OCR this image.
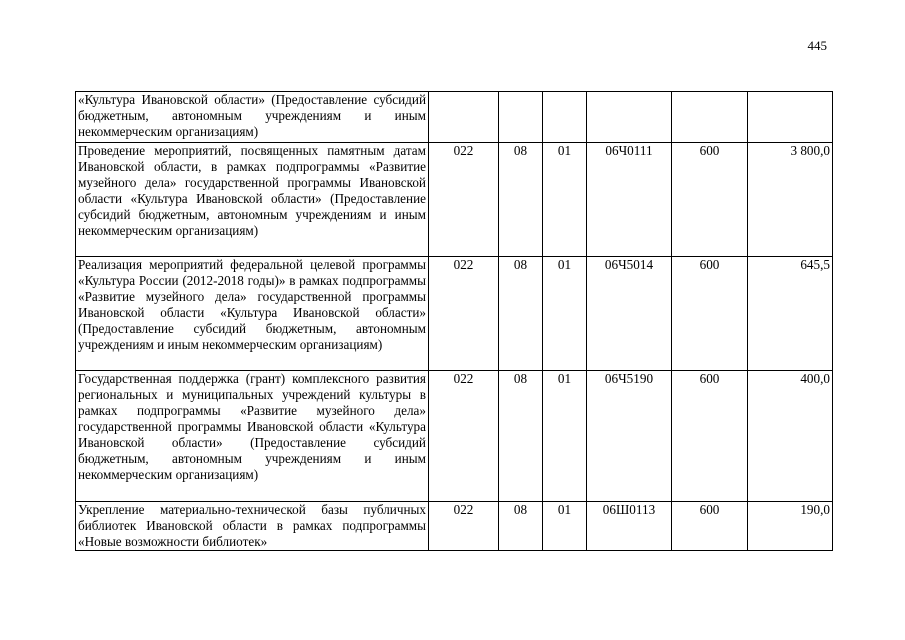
445
«Культура Ивановской области» (Предоставление субсидий бюджетным, автономным учреждениям и иным некоммерческим организациям)						
Проведение мероприятий, посвященных памятным датам Ивановской области, в рамках подпрограммы «Развитие музейного дела» государственной программы Ивановской области «Культура Ивановской области» (Предоставление субсидий бюджетным, автономным учреждениям и иным некоммерческим организациям)	022	08	01	06Ч0111	600	3 800,0
Реализация мероприятий федеральной целевой программы «Культура России (2012-2018 годы)» в рамках подпрограммы «Развитие музейного дела» государственной программы Ивановской области «Культура Ивановской области» (Предоставление субсидий бюджетным, автономным учреждениям и иным некоммерческим организациям)	022	08	01	06Ч5014	600	645,5
Государственная поддержка (грант) комплексного развития региональных и муниципальных учреждений культуры в рамках подпрограммы «Развитие музейного дела» государственной программы Ивановской области «Культура Ивановской области» (Предоставление субсидий бюджетным, автономным учреждениям и иным некоммерческим организациям)	022	08	01	06Ч5190	600	400,0
Укрепление материально-технической базы публичных библиотек Ивановской области в рамках подпрограммы «Новые возможности библиотек»	022	08	01	06Ш0113	600	190,0
